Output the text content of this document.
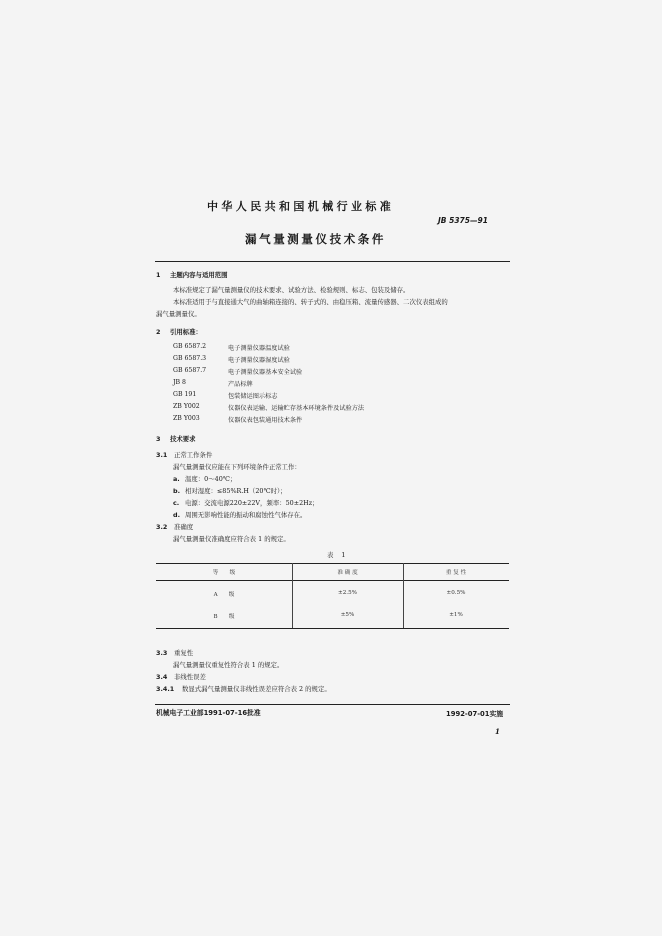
中华人民共和国机械行业标准
JB 5375—91
漏气量测量仪技术条件
1 主题内容与适用范围
本标准规定了漏气量测量仪的技术要求、试验方法、检验规则、标志、包装及储存。
本标准适用于与直接通大气的曲轴箱连接的、转子式的、由稳压箱、流量传感器、二次仪表组成的
漏气量测量仪。
2 引用标准：
GB 6587.2	电子测量仪器温度试验
GB 6587.3	电子测量仪器湿度试验
GB 6587.7	电子测量仪器基本安全试验
JB 8	产品标牌
GB 191	包装储运图示标志
ZB Y002	仪器仪表运输、运输贮存基本环境条件及试验方法
ZB Y003	仪器仪表包装通用技术条件
3 技术要求
3.1 正常工作条件
漏气量测量仪应能在下列环境条件正常工作：
a. 温度：0～40℃；
b. 相对湿度：≤85%R.H（20℃时）；
c. 电源：交流电源220±22V，频率：50±2Hz；
d. 周围无影响性能的振动和腐蚀性气体存在。
3.2 准确度
漏气量测量仪准确度应符合表 1 的规定。
表 1
等　　级	准 确 度	重 复 性
A　　级	±2.5%	±0.5%
B　　级	±5%	±1%
3.3 重复性
漏气量测量仪重复性符合表 1 的规定。
3.4 非线性误差
3.4.1 数显式漏气量测量仪非线性误差应符合表 2 的规定。
机械电子工业部1991-07-16批准	1992-07-01实施
1
